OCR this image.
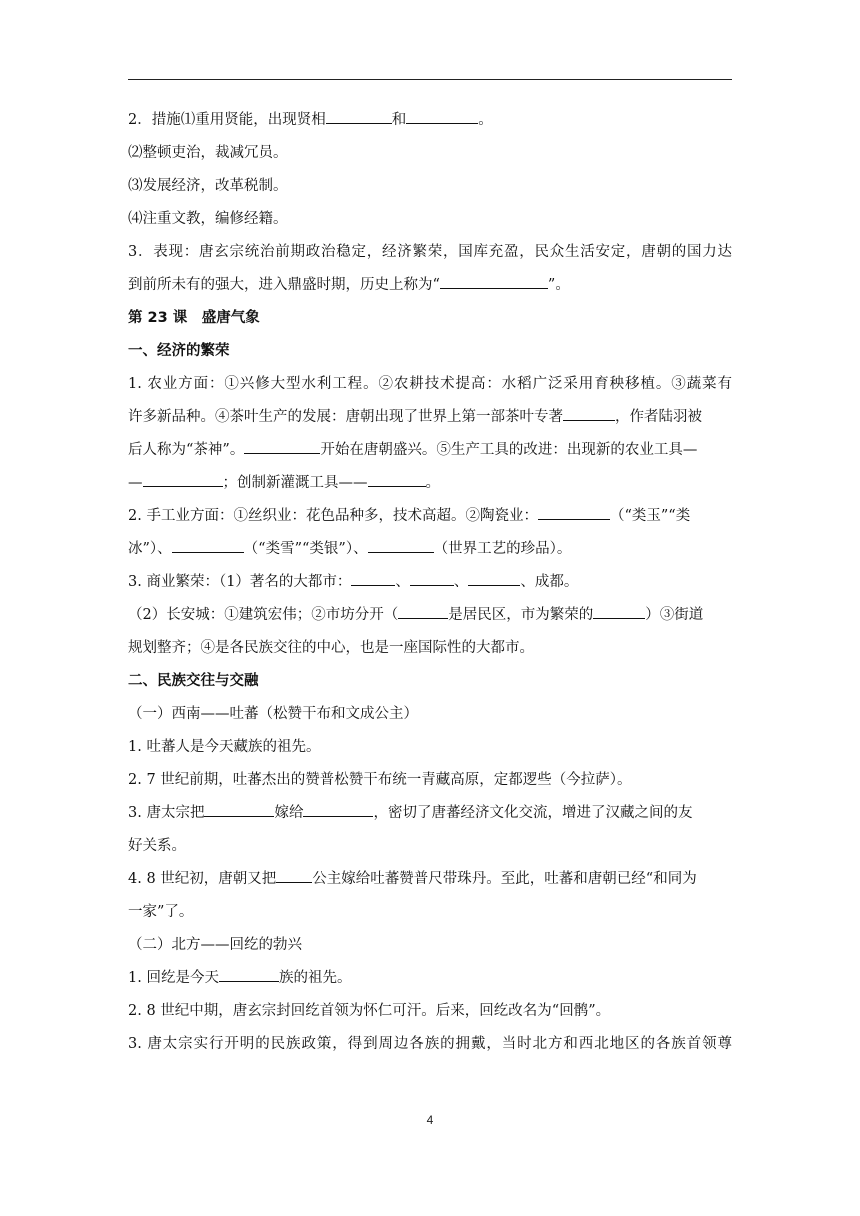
2．措施⑴重用贤能，出现贤相	和	。

⑵整顿吏治，裁减冗员。

⑶发展经济，改革税制。

⑷注重文教，编修经籍。

3．表现：唐玄宗统治前期政治稳定，经济繁荣，国库充盈，民众生活安定，唐朝的国力达

到前所未有的强大，进入鼎盛时期，历史上称为“	”。

第 23 课　盛唐气象

一、经济的繁荣

1. 农业方面：①兴修大型水利工程。②农耕技术提高：水稻广泛采用育秧移植。③蔬菜有

许多新品种。④茶叶生产的发展：唐朝出现了世界上第一部茶叶专著	，作者陆羽被

后人称为“茶神”。	开始在唐朝盛兴。⑤生产工具的改进：出现新的农业工具—

—	；创制新灌溉工具——	。

2. 手工业方面：①丝织业：花色品种多，技术高超。②陶瓷业：	（“类玉”“类

冰”）、	（“类雪”“类银”）、	（世界工艺的珍品）。

3. 商业繁荣：（1）著名的大都市：	、	、	、成都。

（2）长安城：①建筑宏伟；②市坊分开（	是居民区，市为繁荣的	）③街道

规划整齐；④是各民族交往的中心，也是一座国际性的大都市。

二、民族交往与交融

（一）西南——吐蕃（松赞干布和文成公主）

1. 吐蕃人是今天藏族的祖先。

2. 7 世纪前期，吐蕃杰出的赞普松赞干布统一青藏高原，定都逻些（今拉萨）。

3. 唐太宗把	嫁给	，密切了唐蕃经济文化交流，增进了汉藏之间的友

好关系。

4. 8 世纪初，唐朝又把 公主嫁给吐蕃赞普尺带珠丹。至此，吐蕃和唐朝已经“和同为

一家”了。

（二）北方——回纥的勃兴

1. 回纥是今天	族的祖先。

2. 8 世纪中期，唐玄宗封回纥首领为怀仁可汗。后来，回纥改名为“回鹘”。

3. 唐太宗实行开明的民族政策，得到周边各族的拥戴，当时北方和西北地区的各族首领尊

4
